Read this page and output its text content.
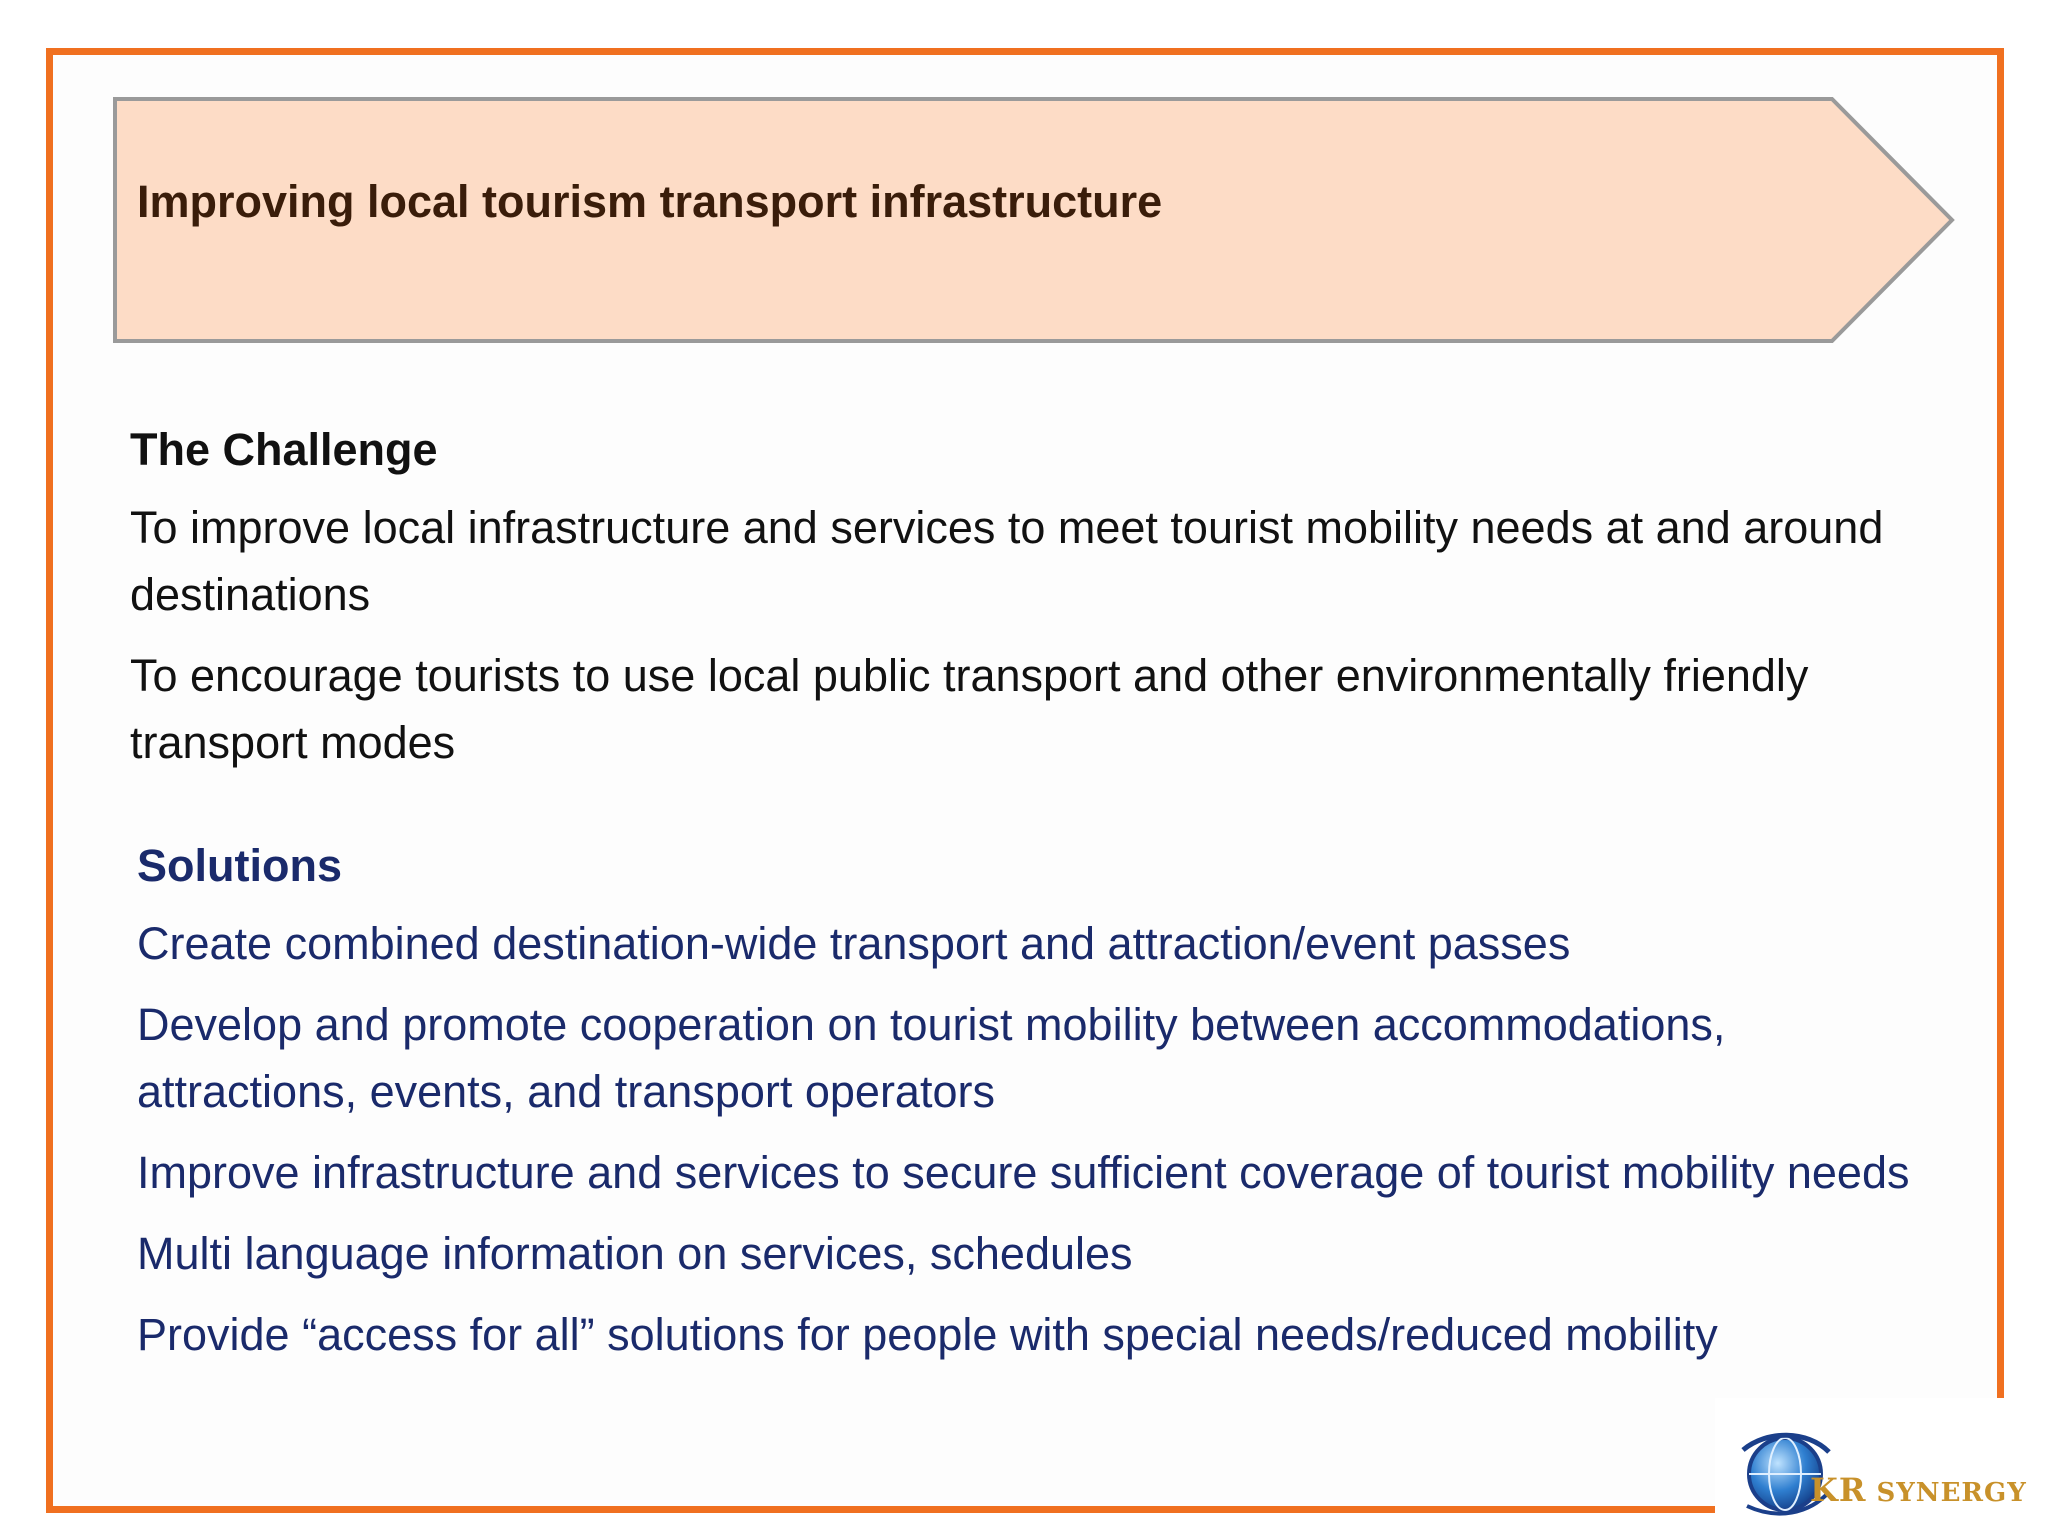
Improving local tourism transport infrastructure
The Challenge
To improve local infrastructure and services to meet tourist mobility needs at and around destinations
To encourage tourists to use local public transport and other environmentally friendly transport modes
Solutions
Create combined destination-wide transport and attraction/event passes
Develop and promote cooperation on tourist mobility between accommodations, attractions, events, and transport operators
Improve infrastructure and services to secure sufficient coverage of tourist mobility needs
Multi language information on services, schedules
Provide “access for all” solutions for people with special needs/reduced mobility
KR SYNERGY
